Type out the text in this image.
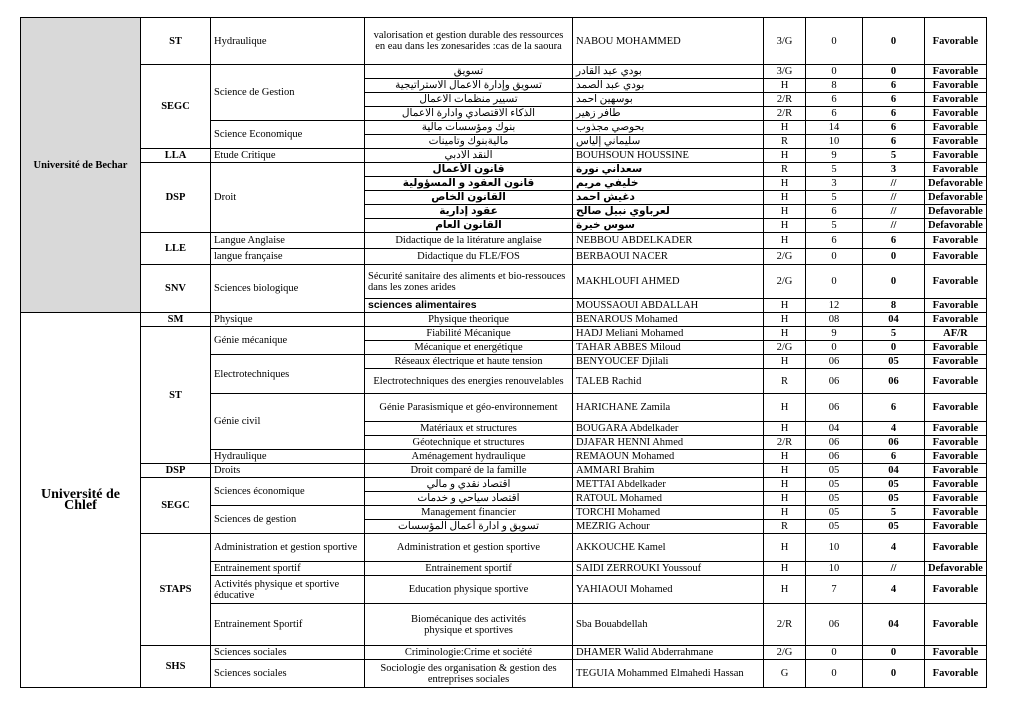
Université de Bechar	ST	Hydraulique	valorisation et gestion durable des ressources en eau dans les zonesarides :cas de la saoura	NABOU MOHAMMED	3/G	0	0	Favorable
	SEGC	Science de Gestion	تسويق	بودي عبد القادر	3/G	0	0	Favorable
			تسويق وإدارة الاعمال الاستراتيجية	بودي عبد الصمد	H	8	6	Favorable
			تسيير منظمات الاعمال	بوسهين احمد	2/R	6	6	Favorable
			الذكاء الاقتصادي وادارة الاعمال	طافر زهير	2/R	6	6	Favorable
		Science Economique	بنوك ومؤسسات مالية	بحوصي مجذوب	H	14	6	Favorable
			ماليةبنوك وتأمينات	سليماني إلياس	R	10	6	Favorable
	LLA	Etude Critique	النقد الادبي	BOUHSOUN HOUSSINE	H	9	5	Favorable
	DSP	Droit	قانون الأعمال	سعداني نورة	R	5	3	Favorable
			قانون العقود و المسؤولية	خليفي مريم	H	3	//	Defavorable
			القانون الخاص	دغيش احمد	H	5	//	Defavorable
			عقود إدارية	لعرباوي نبيل صالح	H	6	//	Defavorable
			القانون العام	سوس خيرة	H	5	//	Defavorable
	LLE	Langue Anglaise	Didactique de la litérature anglaise	NEBBOU ABDELKADER	H	6	6	Favorable
		langue française	Didactique du FLE/FOS	BERBAOUI NACER	2/G	0	0	Favorable
	SNV	Sciences biologique	Sécurité sanitaire des aliments et bio-ressouces dans les zones arides	MAKHLOUFI AHMED	2/G	0	0	Favorable
			sciences alimentaires	MOUSSAOUI ABDALLAH	H	12	8	Favorable
Université de Chlef	SM	Physique	Physique theorique	BENAROUS Mohamed	H	08	04	Favorable
	ST	Génie mécanique	Fiabilité Mécanique	HADJ Meliani Mohamed	H	9	5	AF/R
			Mécanique et energétique	TAHAR ABBES Miloud	2/G	0	0	Favorable
		Electrotechniques	Réseaux électrique et haute tension	BENYOUCEF Djilali	H	06	05	Favorable
			Electrotechniques des energies renouvelables	TALEB Rachid	R	06	06	Favorable
		Génie civil	Génie Parasismique et géo-environnement	HARICHANE Zamila	H	06	6	Favorable
			Matériaux et structures	BOUGARA Abdelkader	H	04	4	Favorable
			Géotechnique et structures	DJAFAR HENNI Ahmed	2/R	06	06	Favorable
		Hydraulique	Aménagement hydraulique	REMAOUN Mohamed	H	06	6	Favorable
	DSP	Droits	Droit comparé de la famille	AMMARI Brahim	H	05	04	Favorable
	SEGC	Sciences économique	اقتصاد نقدي و مالي	METTAI Abdelkader	H	05	05	Favorable
			اقتصاد سياحي و خدمات	RATOUL Mohamed	H	05	05	Favorable
		Sciences de gestion	Management financier	TORCHI Mohamed	H	05	5	Favorable
			تسويق و ادارة أعمال المؤسسات	MEZRIG Achour	R	05	05	Favorable
	STAPS	Administration et gestion sportive	Administration et gestion sportive	AKKOUCHE Kamel	H	10	4	Favorable
		Entrainement sportif	Entrainement sportif	SAIDI ZERROUKI Youssouf	H	10	//	Defavorable
		Activités physique et sportive éducative	Education physique sportive	YAHIAOUI Mohamed	H	7	4	Favorable
		Entrainement Sportif	Biomécanique des activités physique et sportives	Sba Bouabdellah	2/R	06	04	Favorable
	SHS	Sciences sociales	Criminologie:Crime et société	DHAMER Walid Abderrahmane	2/G	0	0	Favorable
		Sciences sociales	Sociologie des organisation & gestion des entreprises sociales	TEGUIA Mohammed Elmahedi Hassan	G	0	0	Favorable
